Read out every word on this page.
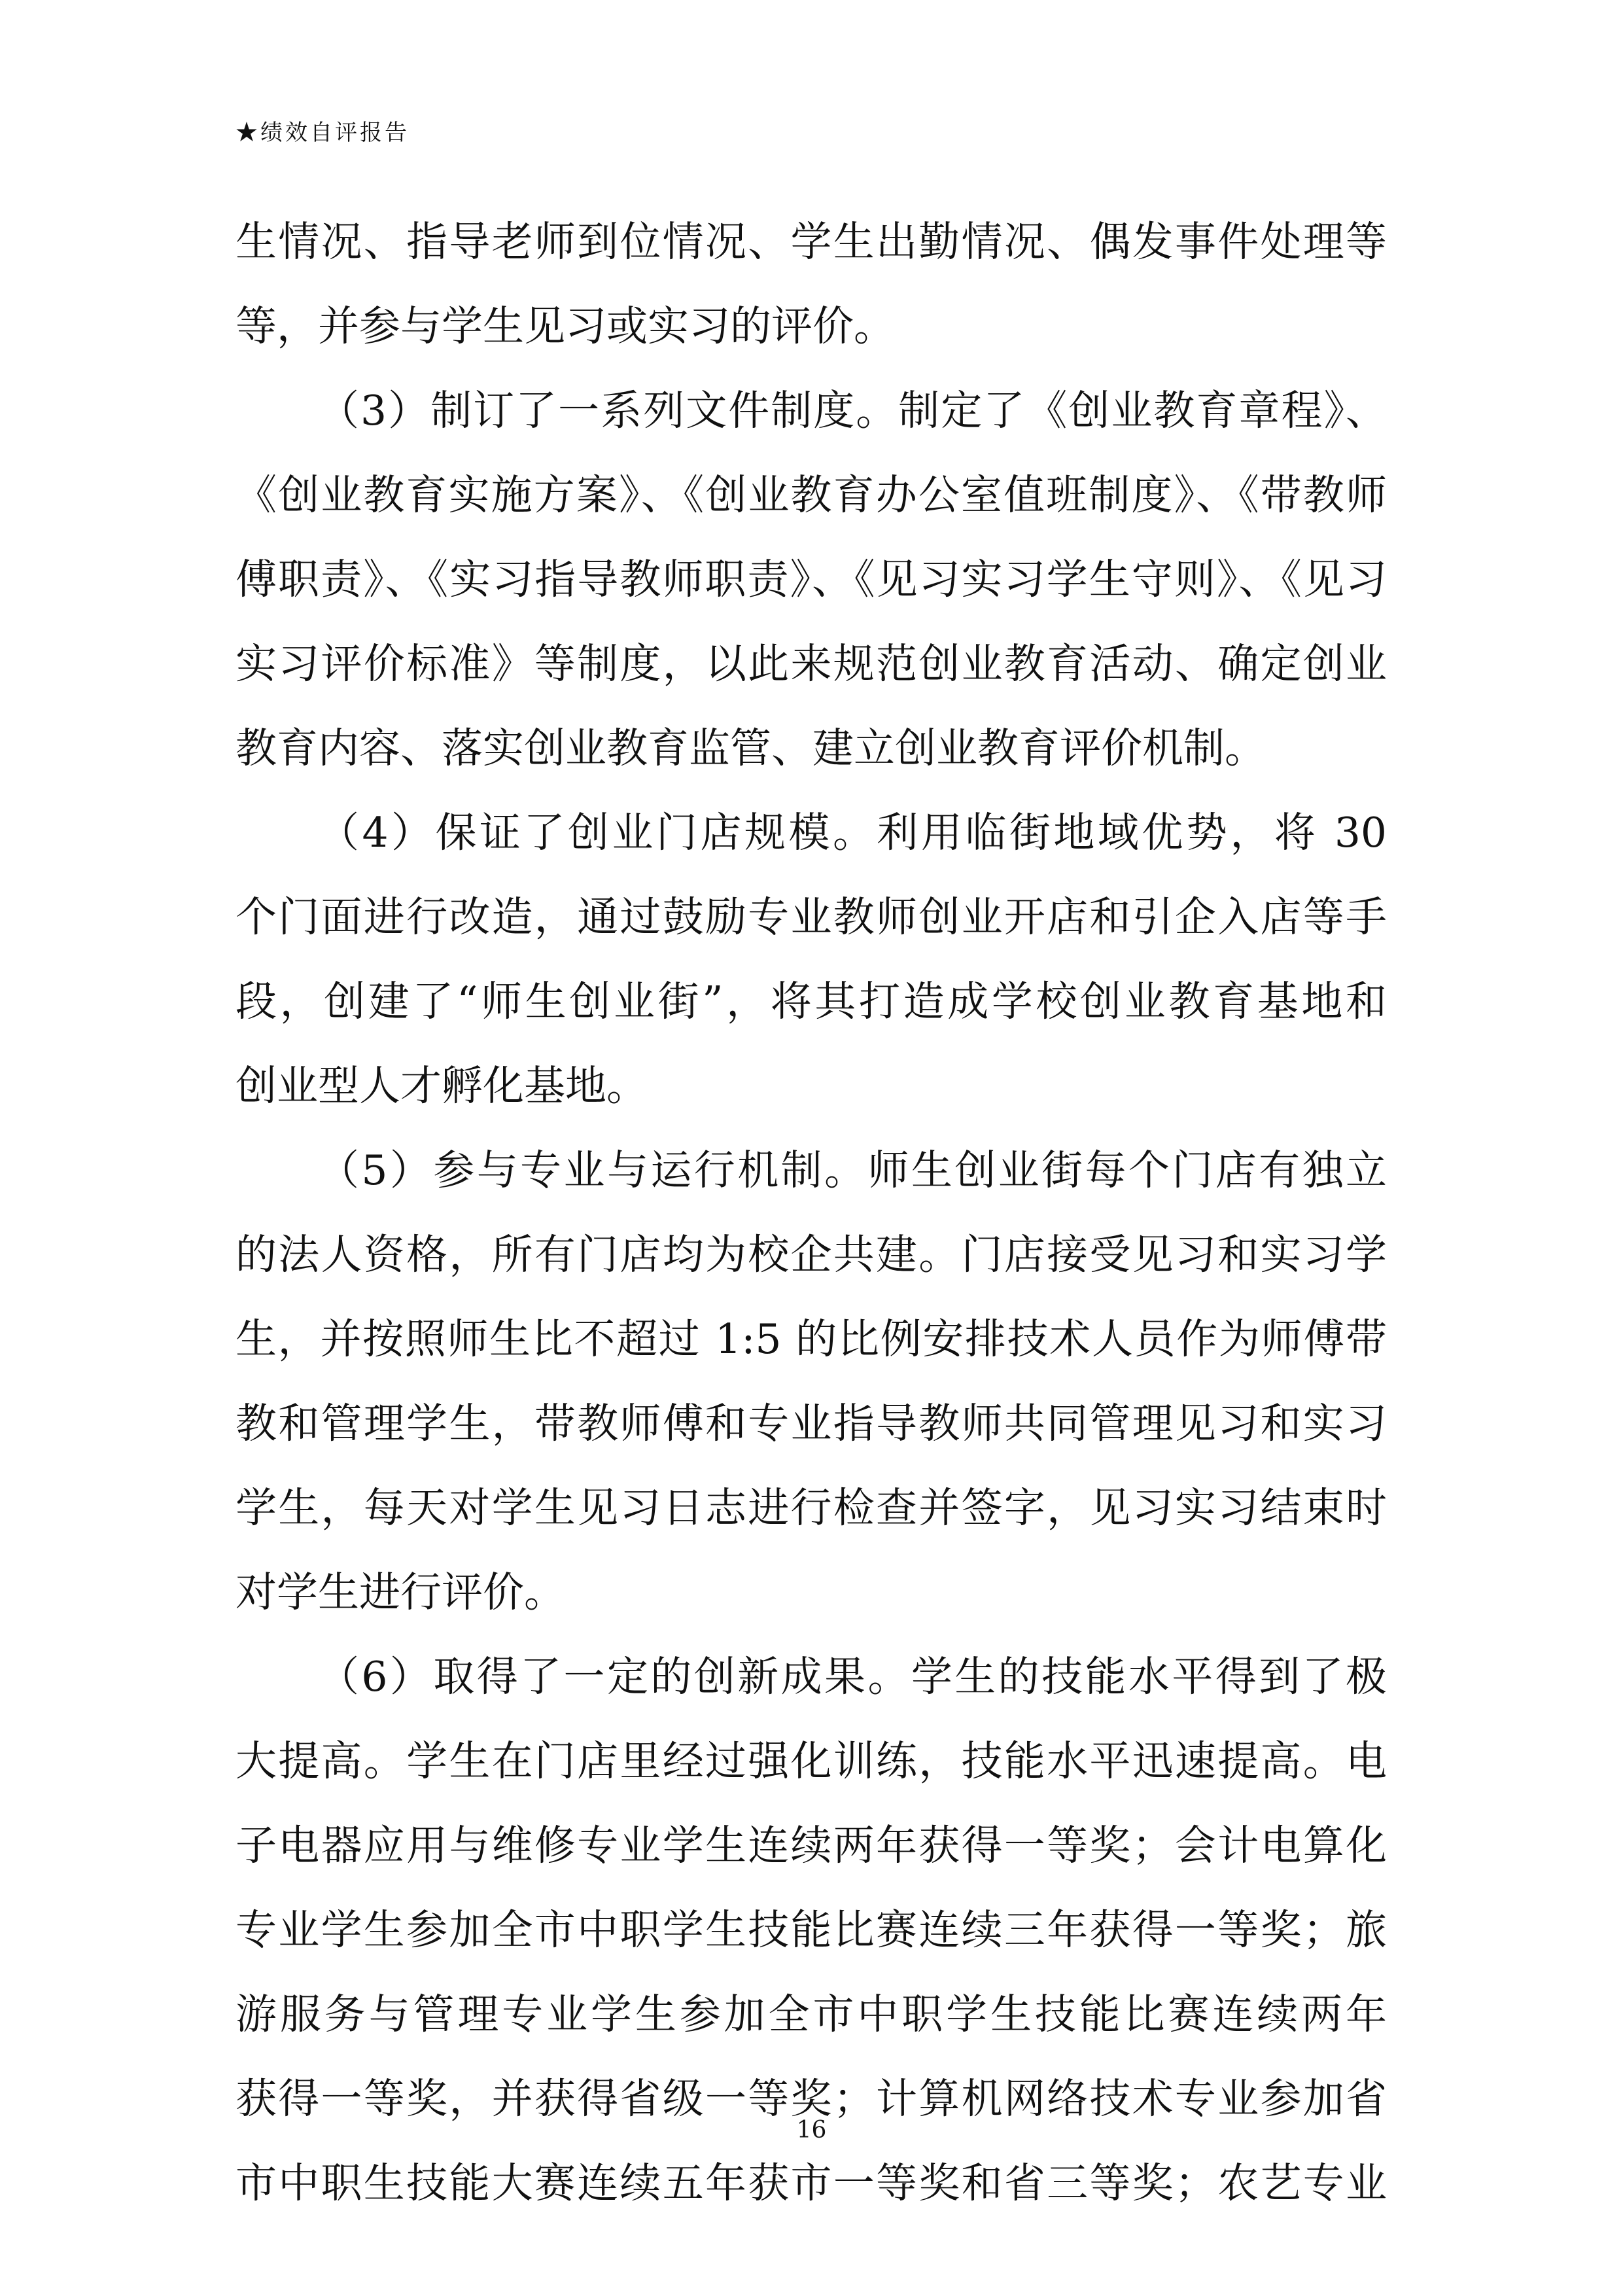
★绩效自评报告
生情况、指导老师到位情况、学生出勤情况、偶发事件处理等
等，并参与学生见习或实习的评价。
（3）制订了一系列文件制度。制定了《创业教育章程》、
《创业教育实施方案》、《创业教育办公室值班制度》、《带教师
傅职责》、《实习指导教师职责》、《见习实习学生守则》、《见习
实习评价标准》等制度，以此来规范创业教育活动、确定创业
教育内容、落实创业教育监管、建立创业教育评价机制。
（4）保证了创业门店规模。利用临街地域优势，将 30
个门面进行改造，通过鼓励专业教师创业开店和引企入店等手
段，创建了“师生创业街”，将其打造成学校创业教育基地和
创业型人才孵化基地。
（5）参与专业与运行机制。师生创业街每个门店有独立
的法人资格，所有门店均为校企共建。门店接受见习和实习学
生，并按照师生比不超过 1:5 的比例安排技术人员作为师傅带
教和管理学生，带教师傅和专业指导教师共同管理见习和实习
学生，每天对学生见习日志进行检查并签字，见习实习结束时
对学生进行评价。
（6）取得了一定的创新成果。学生的技能水平得到了极
大提高。学生在门店里经过强化训练，技能水平迅速提高。电
子电器应用与维修专业学生连续两年获得一等奖；会计电算化
专业学生参加全市中职学生技能比赛连续三年获得一等奖；旅
游服务与管理专业学生参加全市中职学生技能比赛连续两年
获得一等奖，并获得省级一等奖；计算机网络技术专业参加省
市中职生技能大赛连续五年获市一等奖和省三等奖；农艺专业
16
